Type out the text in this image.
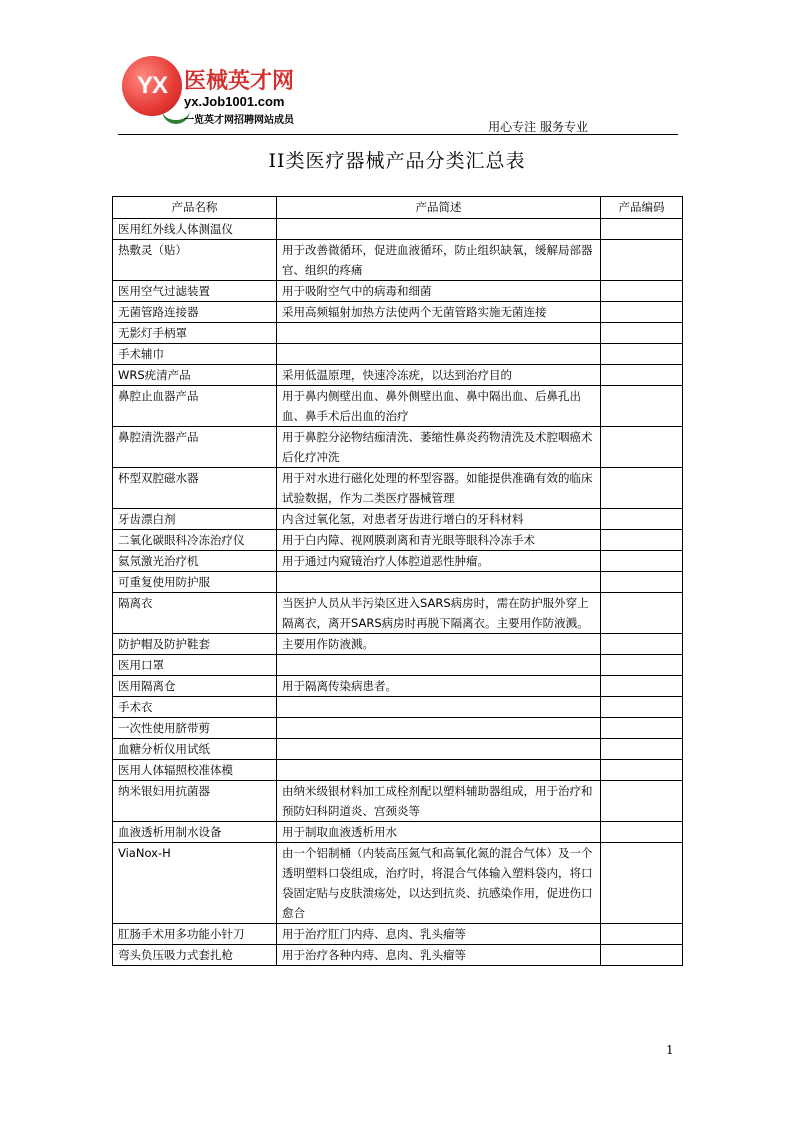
YX 医械英才网
yx.Job1001.com
一览英才网招聘网站成员	用心专注 服务专业
II类医疗器械产品分类汇总表
产品名称	产品简述	产品编码
医用红外线人体测温仪		
热敷灵（贴）	用于改善微循环，促进血液循环，防止组织缺氧，缓解局部器官、组织的疼痛	
医用空气过滤装置	用于吸附空气中的病毒和细菌	
无菌管路连接器	采用高频辐射加热方法使两个无菌管路实施无菌连接	
无影灯手柄罩		
手术辅巾		
WRS疣清产品	采用低温原理，快速冷冻疣，以达到治疗目的	
鼻腔止血器产品	用于鼻内侧壁出血、鼻外侧壁出血、鼻中隔出血、后鼻孔出血、鼻手术后出血的治疗	
鼻腔清洗器产品	用于鼻腔分泌物结痂清洗、萎缩性鼻炎药物清洗及术腔咽癌术后化疗冲洗	
杯型双腔磁水器	用于对水进行磁化处理的杯型容器。如能提供准确有效的临床试验数据，作为二类医疗器械管理	
牙齿漂白剂	内含过氧化氢，对患者牙齿进行增白的牙科材料	
二氧化碳眼科冷冻治疗仪	用于白内障、视网膜剥离和青光眼等眼科冷冻手术	
氦氖激光治疗机	用于通过内窥镜治疗人体腔道恶性肿瘤。	
可重复使用防护服		
隔离衣	当医护人员从半污染区进入SARS病房时，需在防护服外穿上隔离衣，离开SARS病房时再脱下隔离衣。主要用作防液溅。	
防护帽及防护鞋套	主要用作防液溅。	
医用口罩		
医用隔离仓	用于隔离传染病患者。	
手术衣		
一次性使用脐带剪		
血糖分析仪用试纸		
医用人体辐照校准体模		
纳米银妇用抗菌器	由纳米级银材料加工成栓剂配以塑料辅助器组成，用于治疗和预防妇科阴道炎、宫颈炎等	
血液透析用制水设备	用于制取血液透析用水	
ViaNox-H	由一个铝制桶（内装高压氮气和高氧化氮的混合气体）及一个透明塑料口袋组成，治疗时，将混合气体输入塑料袋内，将口袋固定贴与皮肤溃疡处，以达到抗炎、抗感染作用，促进伤口愈合	
肛肠手术用多功能小针刀	用于治疗肛门内痔、息肉、乳头瘤等	
弯头负压吸力式套扎枪	用于治疗各种内痔、息肉、乳头瘤等	
1
